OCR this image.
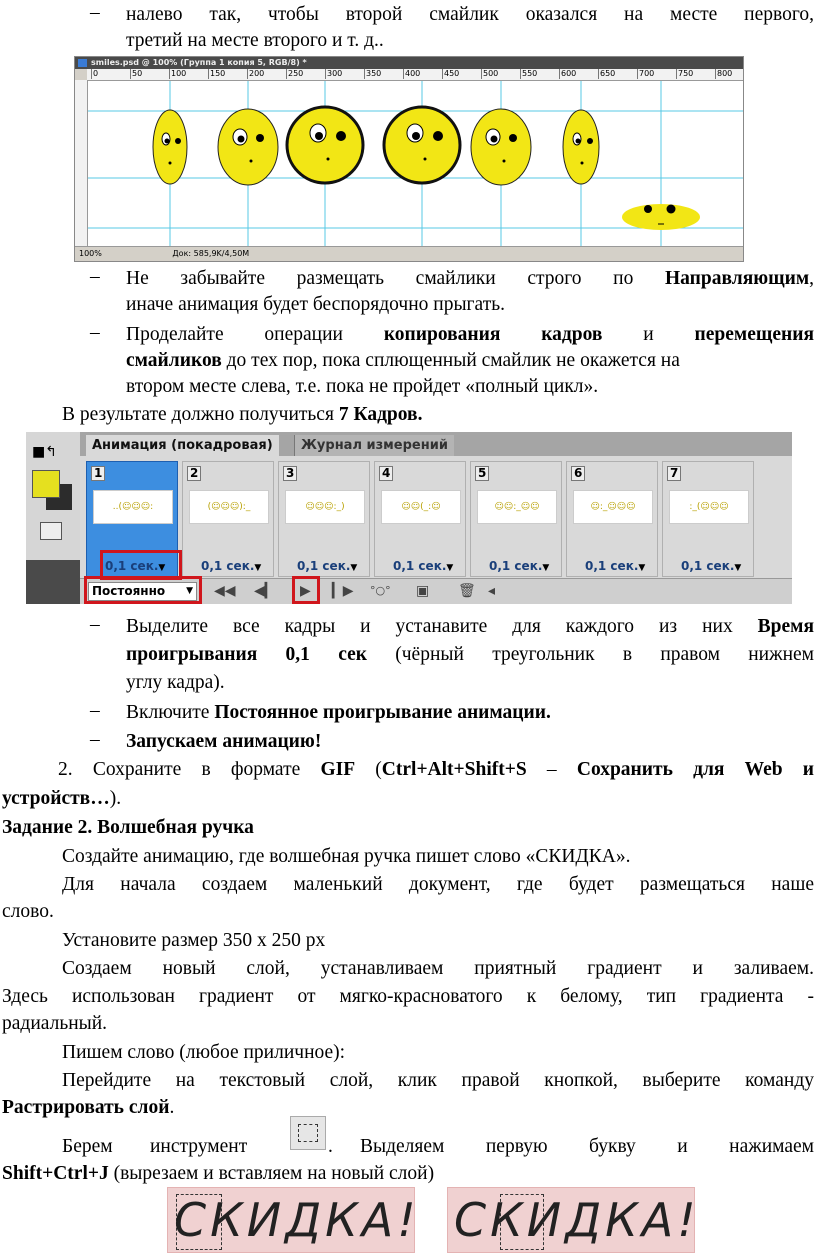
– налево так, чтобы второй смайлик оказался на месте первого,
третий на месте второго и т. д..
smiles.psd @ 100% (Группа 1 копия 5, RGB/8) *
0	50	100	150	200	250	300	350	400	450	500	550	600	650	700	750	800
100%	Док: 585,9K/4,50M
– Не забывайте размещать смайлики строго по Направляющим,
иначе анимация будет беспорядочно прыгать.
– Проделайте операции копирования кадров и перемещения
смайликов до тех пор, пока сплющенный смайлик не окажется на
втором месте слева, т.е. пока не пройдет «полный цикл».
В результате должно получиться 7 Кадров.
■↰	Анимация (покадровая)	Журнал измерений
1
..(☺☺☺:
0,1 сек.▼
2
(☺☺☺):_
0,1 сек.▼
3
☺☺☺:_)
0,1 сек.▼
4
☺☺(_:☺
0,1 сек.▼
5
☺☺:_☺☺
0,1 сек.▼
6
☺:_☺☺☺
0,1 сек.▼
7
:_(☺☺☺
0,1 сек.▼
Постоянно ▼ ◀◀ ◀▎ ▶ ▎▶ °○° ▣ 🗑 ◂
– Выделите все кадры и устанавите для каждого из них Время
проигрывания 0,1 сек (чёрный треугольник в правом нижнем
углу кадра).
– Включите Постоянное проигрывание анимации.
– Запускаем анимацию!
2. Сохраните в формате GIF (Ctrl+Alt+Shift+S – Сохранить для Web и
устройств…).
Задание 2. Волшебная ручка
Создайте анимацию, где волшебная ручка пишет слово «СКИДКА».
Для начала создаем маленький документ, где будет размещаться наше
слово.
Установите размер 350 x 250 px
Создаем новый слой, устанавливаем приятный градиент и заливаем.
Здесь использован градиент от мягко-красноватого к белому, тип градиента -
радиальный.
Пишем слово (любое приличное):
Перейдите на текстовый слой, клик правой кнопкой, выберите команду
Растрировать слой.
Берем инструмент	. Выделяем первую букву и нажимаем
Shift+Ctrl+J (вырезаем и вставляем на новый слой)
СКИДКА! СКИДКА!
